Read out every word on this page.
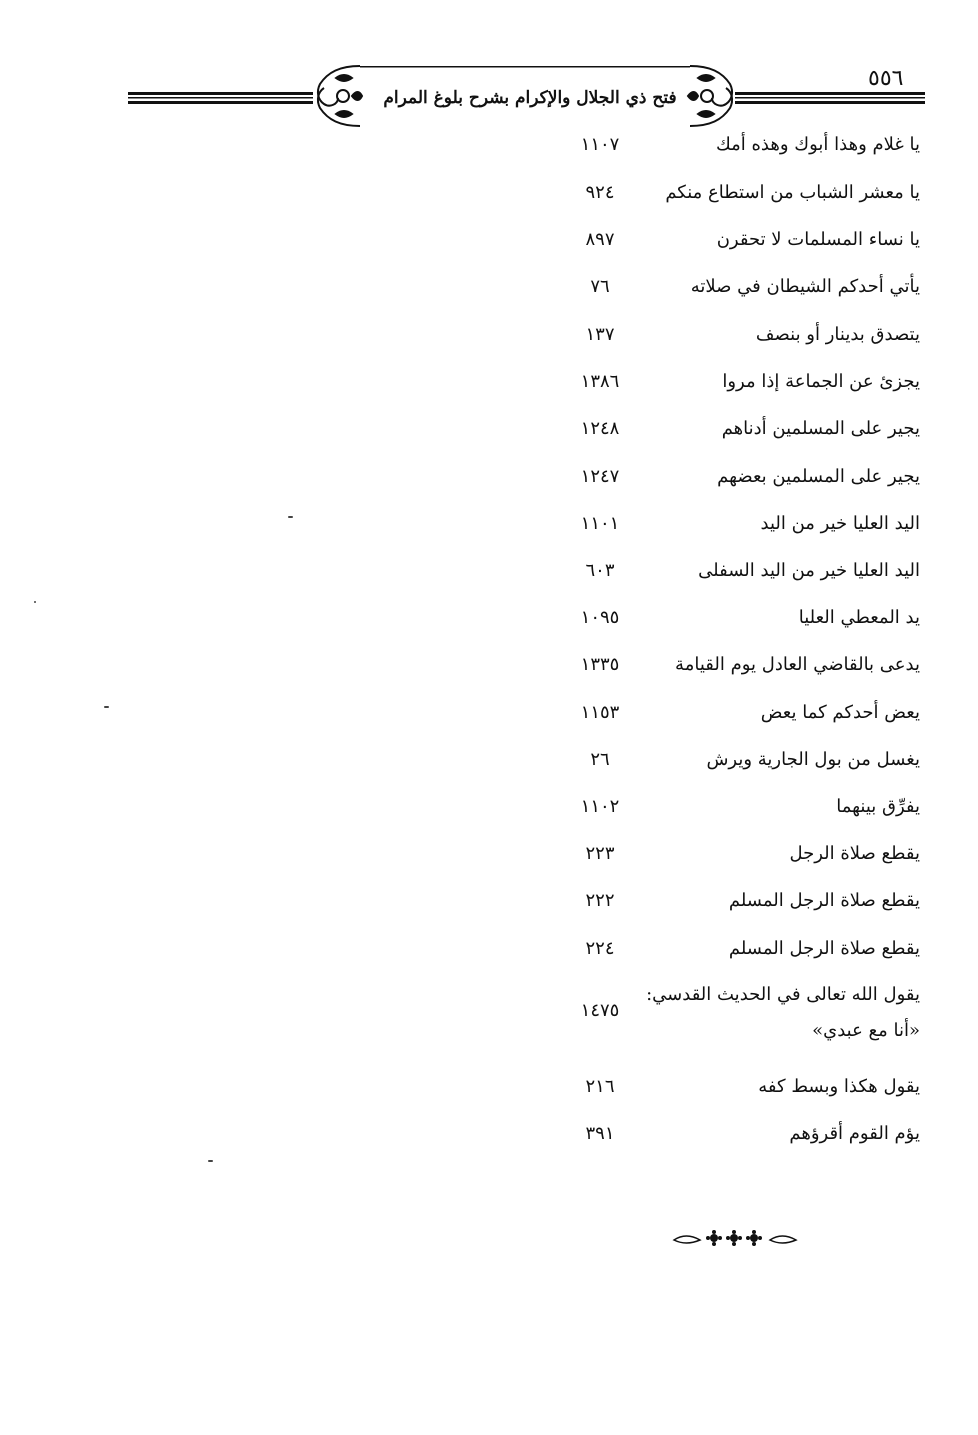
٥٥٦
فتح ذي الجلال والإكرام بشرح بلوغ المرام
يا غلام وهذا أبوك وهذه أمك
١١٠٧
يا معشر الشباب من استطاع منكم
٩٢٤
يا نساء المسلمات لا تحقرن
٨٩٧
يأتي أحدكم الشيطان في صلاته
٧٦
يتصدق بدينار أو بنصف
١٣٧
يجزئ عن الجماعة إذا مروا
١٣٨٦
يجير على المسلمين أدناهم
١٢٤٨
يجير على المسلمين بعضهم
١٢٤٧
اليد العليا خير من اليد
١١٠١
اليد العليا خير من اليد السفلى
٦٠٣
يد المعطي العليا
١٠٩٥
يدعى بالقاضي العادل يوم القيامة
١٣٣٥
يعض أحدكم كما يعض
١١٥٣
يغسل من بول الجارية ويرش
٢٦
يفرِّق بينهما
١١٠٢
يقطع صلاة الرجل
٢٢٣
يقطع صلاة الرجل المسلم
٢٢٢
يقطع صلاة الرجل المسلم
٢٢٤
يقول الله تعالى في الحديث القدسي:
«أنا مع عبدي»
١٤٧٥
يقول هكذا وبسط كفه
٢١٦
يؤم القوم أقرؤهم
٣٩١
